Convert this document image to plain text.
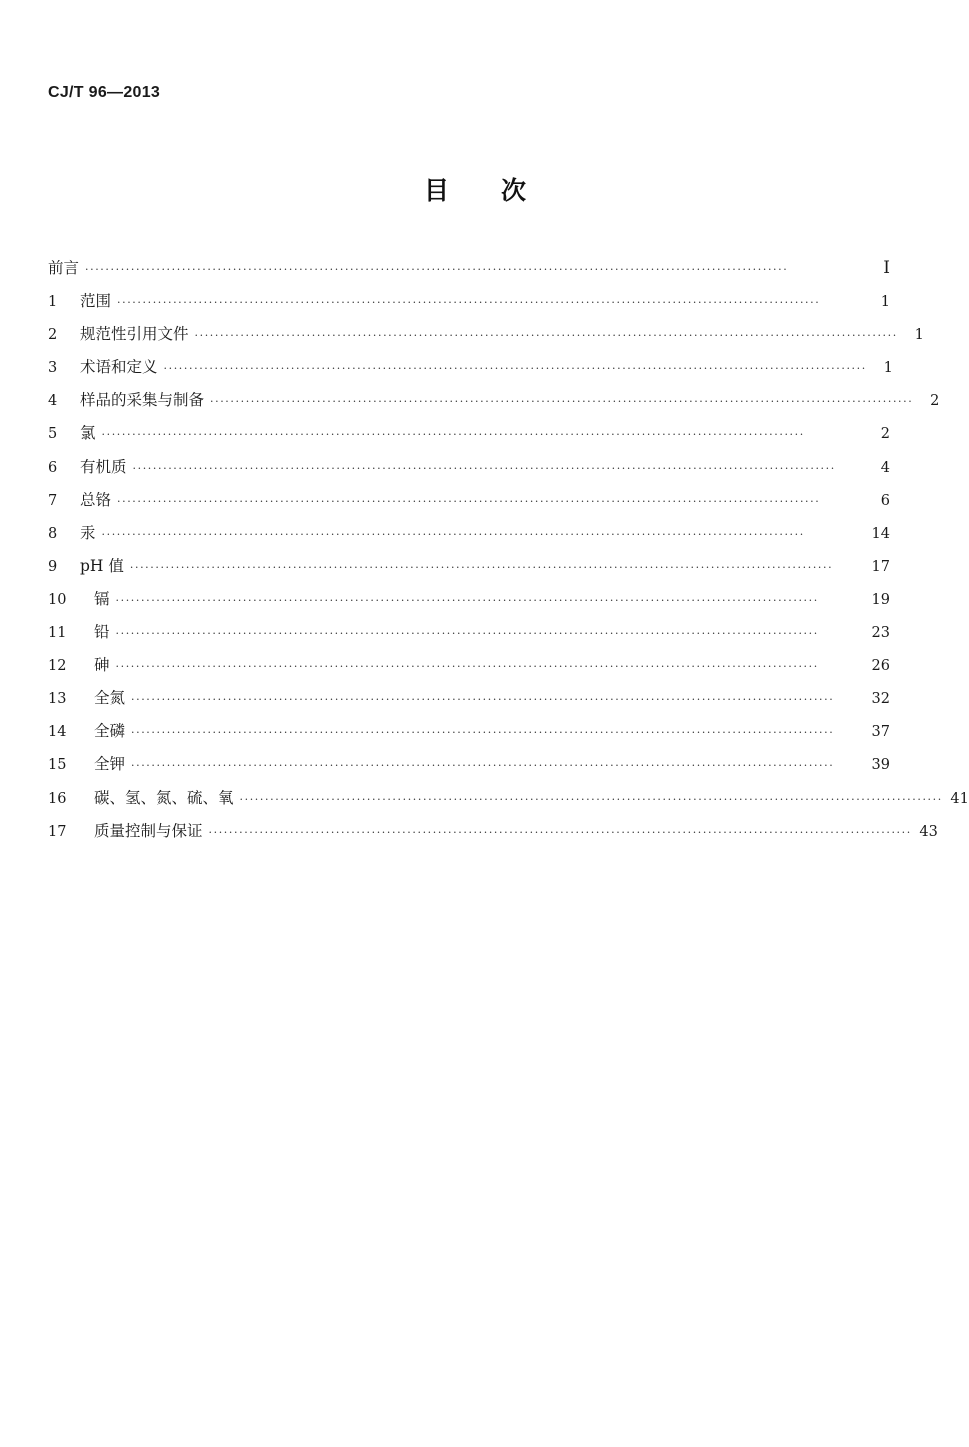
CJ/T 96—2013
目次
前言 ··········································································································································	Ⅰ
1	范围 ··········································································································································	1
2	规范性引用文件 ··········································································································································	1
3	术语和定义 ··········································································································································	1
4	样品的采集与制备 ··········································································································································	2
5	氯 ··········································································································································	2
6	有机质 ··········································································································································	4
7	总铬 ··········································································································································	6
8	汞 ··········································································································································	14
9	pH 值 ··········································································································································	17
10	镉 ··········································································································································	19
11	铅 ··········································································································································	23
12	砷 ··········································································································································	26
13	全氮 ··········································································································································	32
14	全磷 ··········································································································································	37
15	全钾 ··········································································································································	39
16	碳、氢、氮、硫、氧 ·········································································································································· 41
17	质量控制与保证 ·········································································································································· 43
